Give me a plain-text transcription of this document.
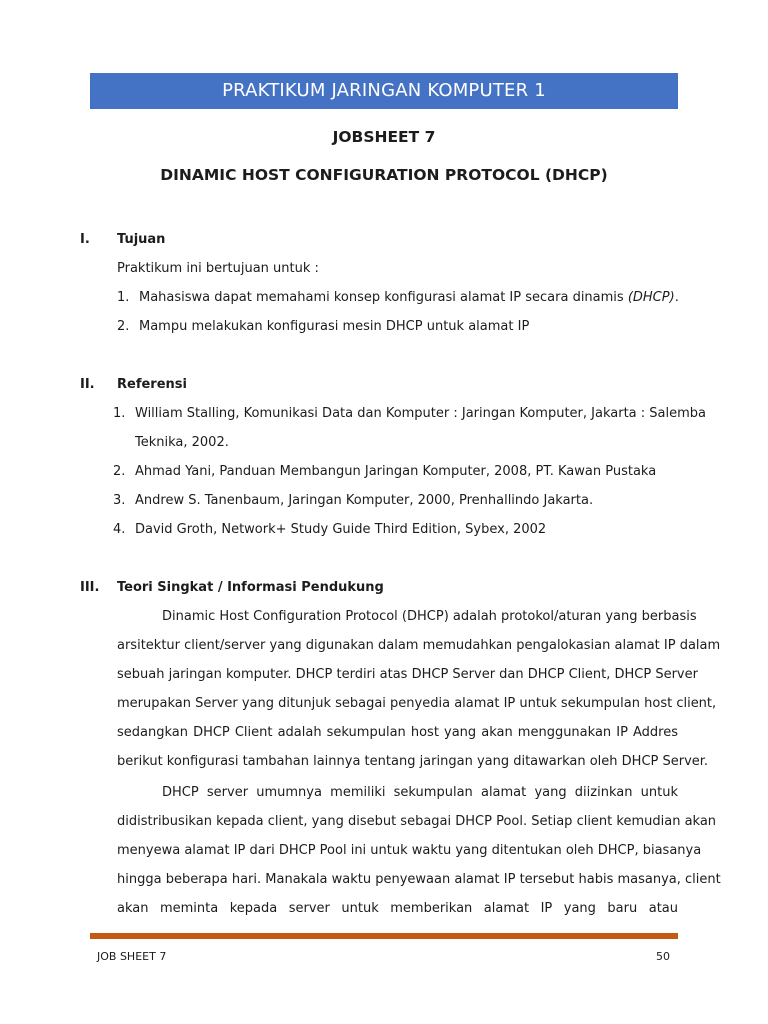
PRAKTIKUM JARINGAN KOMPUTER 1
JOBSHEET 7
DINAMIC HOST CONFIGURATION PROTOCOL (DHCP)
I. Tujuan
Praktikum ini bertujuan untuk :
1. Mahasiswa dapat memahami konsep konfigurasi alamat IP secara dinamis (DHCP).
2. Mampu melakukan konfigurasi mesin DHCP untuk alamat IP
II. Referensi
1. William Stalling, Komunikasi Data dan Komputer : Jaringan Komputer, Jakarta : Salemba
Teknika, 2002.
2. Ahmad Yani, Panduan Membangun Jaringan Komputer, 2008, PT. Kawan Pustaka
3. Andrew S. Tanenbaum, Jaringan Komputer, 2000, Prenhallindo Jakarta.
4. David Groth, Network+ Study Guide Third Edition, Sybex, 2002
III. Teori Singkat / Informasi Pendukung
Dinamic Host Configuration Protocol (DHCP) adalah protokol/aturan yang berbasis
arsitektur client/server yang digunakan dalam memudahkan pengalokasian alamat IP dalam
sebuah jaringan komputer. DHCP terdiri atas DHCP Server dan DHCP Client, DHCP Server
merupakan Server yang ditunjuk sebagai penyedia alamat IP untuk sekumpulan host client,
sedangkan DHCP Client adalah sekumpulan host yang akan menggunakan IP Addres
berikut konfigurasi tambahan lainnya tentang jaringan yang ditawarkan oleh DHCP Server.
DHCP server umumnya memiliki sekumpulan alamat yang diizinkan untuk
didistribusikan kepada client, yang disebut sebagai DHCP Pool. Setiap client kemudian akan
menyewa alamat IP dari DHCP Pool ini untuk waktu yang ditentukan oleh DHCP, biasanya
hingga beberapa hari. Manakala waktu penyewaan alamat IP tersebut habis masanya, client
akan meminta kepada server untuk memberikan alamat IP yang baru atau
JOB SHEET 7	50
